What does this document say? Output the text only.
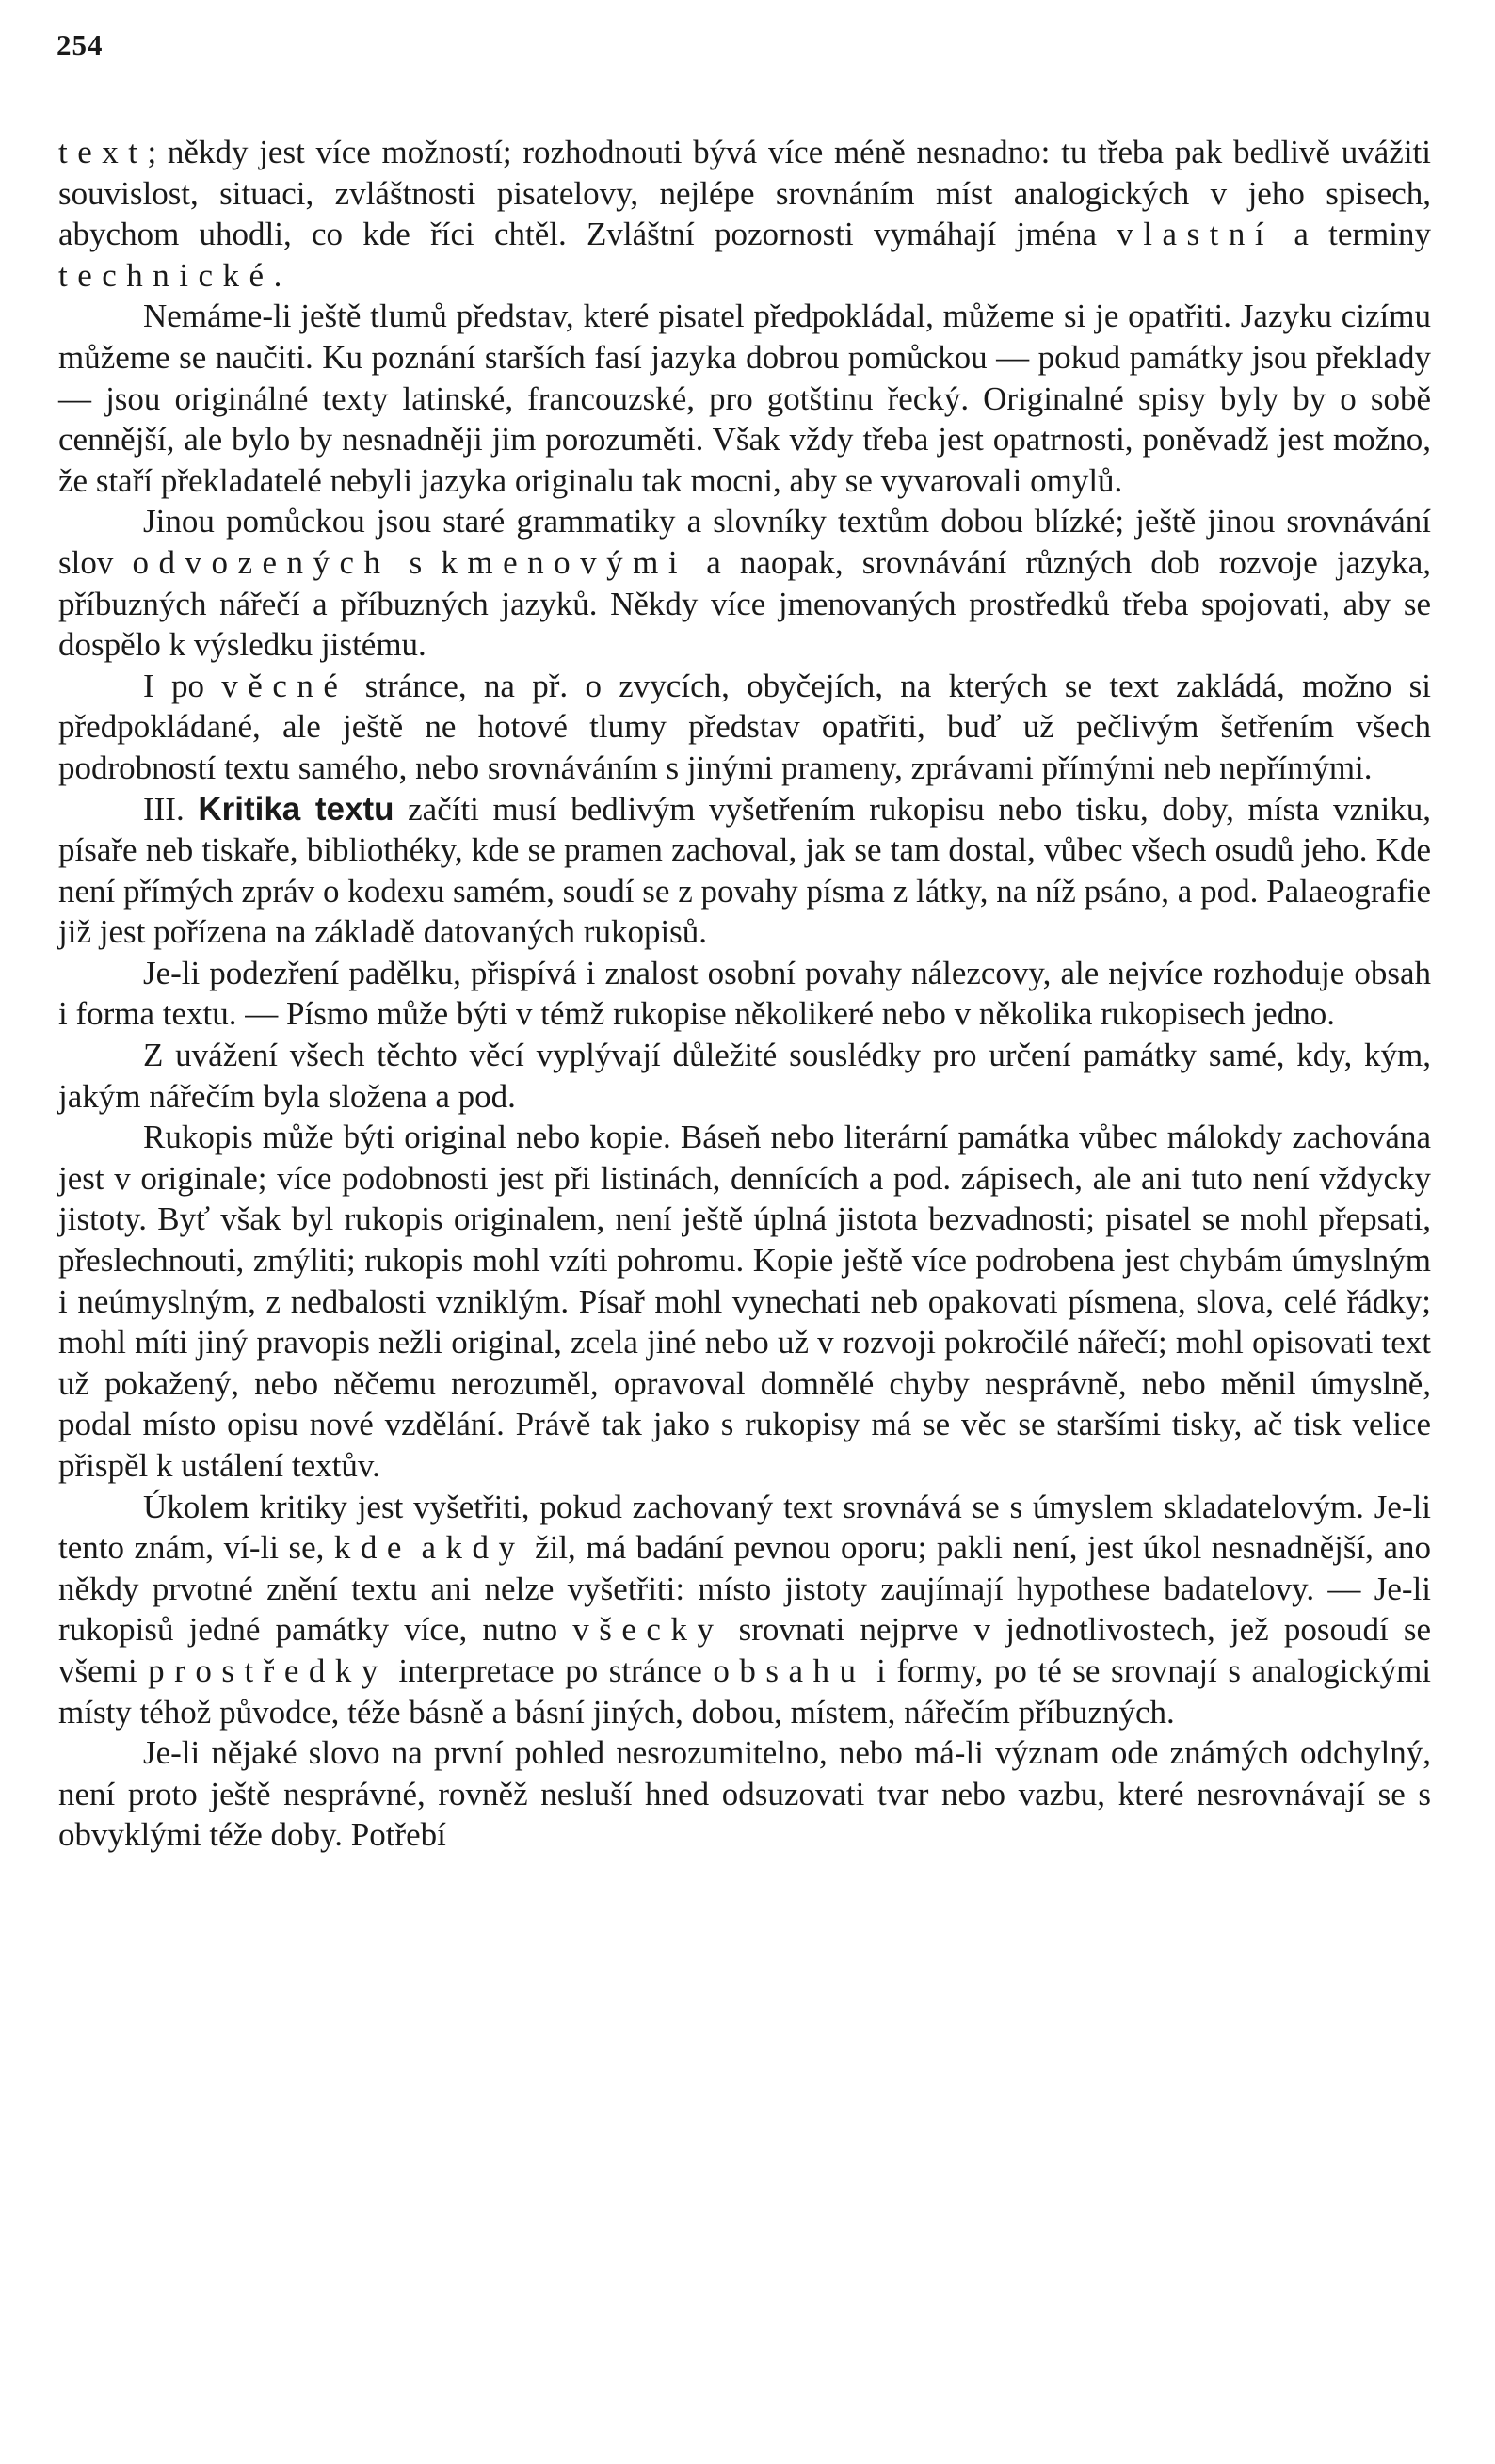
254

text; někdy jest více možností; rozhodnouti bývá více méně nesnadno: tu třeba pak bedlivě uvážiti souvislost, situaci, zvláštnosti pisatelovy, nejlépe srovnáním míst analogických v jeho spisech, abychom uhodli, co kde říci chtěl. Zvláštní pozornosti vymáhají jména vlastní a terminy technické.

Nemáme-li ještě tlumů představ, které pisatel předpokládal, můžeme si je opatřiti. Jazyku cizímu můžeme se naučiti. Ku poznání starších fasí jazyka dobrou pomůckou — pokud památky jsou překlady — jsou originálné texty latinské, francouzské, pro gotštinu řecký. Originalné spisy byly by o sobě cennější, ale bylo by nesnadněji jim porozuměti. Však vždy třeba jest opatrnosti, poněvadž jest možno, že staří překladatelé nebyli jazyka originalu tak mocni, aby se vyvarovali omylů.

Jinou pomůckou jsou staré grammatiky a slovníky textům dobou blízké; ještě jinou srovnávání slov odvozených s kmenovými a naopak, srovnávání různých dob rozvoje jazyka, příbuzných nářečí a příbuzných jazyků. Někdy více jmenovaných prostředků třeba spojovati, aby se dospělo k výsledku jistému.

I po věcné stránce, na př. o zvycích, obyčejích, na kterých se text zakládá, možno si předpokládané, ale ještě ne hotové tlumy představ opatřiti, buď už pečlivým šetřením všech podrobností textu samého, nebo srovnáváním s jinými prameny, zprávami přímými neb nepřímými.

III. Kritika textu začíti musí bedlivým vyšetřením rukopisu nebo tisku, doby, místa vzniku, písaře neb tiskaře, bibliothéky, kde se pramen zachoval, jak se tam dostal, vůbec všech osudů jeho. Kde není přímých zpráv o kodexu samém, soudí se z povahy písma z látky, na níž psáno, a pod. Palaeografie již jest pořízena na základě datovaných rukopisů.

Je-li podezření padělku, přispívá i znalost osobní povahy nálezcovy, ale nejvíce rozhoduje obsah i forma textu. — Písmo může býti v témž rukopise několikeré nebo v několika rukopisech jedno.

Z uvážení všech těchto věcí vyplývají důležité souslédky pro určení památky samé, kdy, kým, jakým nářečím byla složena a pod.

Rukopis může býti original nebo kopie. Báseň nebo literární památka vůbec málokdy zachována jest v originale; více podobnosti jest při listinách, dennících a pod. zápisech, ale ani tuto není vždycky jistoty. Byť však byl rukopis originalem, není ještě úplná jistota bezvadnosti; pisatel se mohl přepsati, přeslechnouti, zmýliti; rukopis mohl vzíti pohromu. Kopie ještě více podrobena jest chybám úmyslným i neúmyslným, z nedbalosti vzniklým. Písař mohl vynechati neb opakovati písmena, slova, celé řádky; mohl míti jiný pravopis nežli original, zcela jiné nebo už v rozvoji pokročilé nářečí; mohl opisovati text už pokažený, nebo něčemu nerozuměl, opravoval domnělé chyby nesprávně, nebo měnil úmyslně, podal místo opisu nové vzdělání. Právě tak jako s rukopisy má se věc se staršími tisky, ač tisk velice přispěl k ustálení textův.

Úkolem kritiky jest vyšetřiti, pokud zachovaný text srovnává se s úmyslem skladatelovým. Je-li tento znám, ví-li se, kde a kdy žil, má badání pevnou oporu; pakli není, jest úkol nesnadnější, ano někdy prvotné znění textu ani nelze vyšetřiti: místo jistoty zaujímají hypothese badatelovy. — Je-li rukopisů jedné památky více, nutno všecky srovnati nejprve v jednotlivostech, jež posoudí se všemi prostředky interpretace po stránce obsahu i formy, po té se srovnají s analogickými místy téhož původce, téže básně a básní jiných, dobou, místem, nářečím příbuzných.

Je-li nějaké slovo na první pohled nesrozumitelno, nebo má-li význam ode známých odchylný, není proto ještě nesprávné, rovněž nesluší hned odsuzovati tvar nebo vazbu, které nesrovnávají se s obvyklými téže doby. Potřebí
